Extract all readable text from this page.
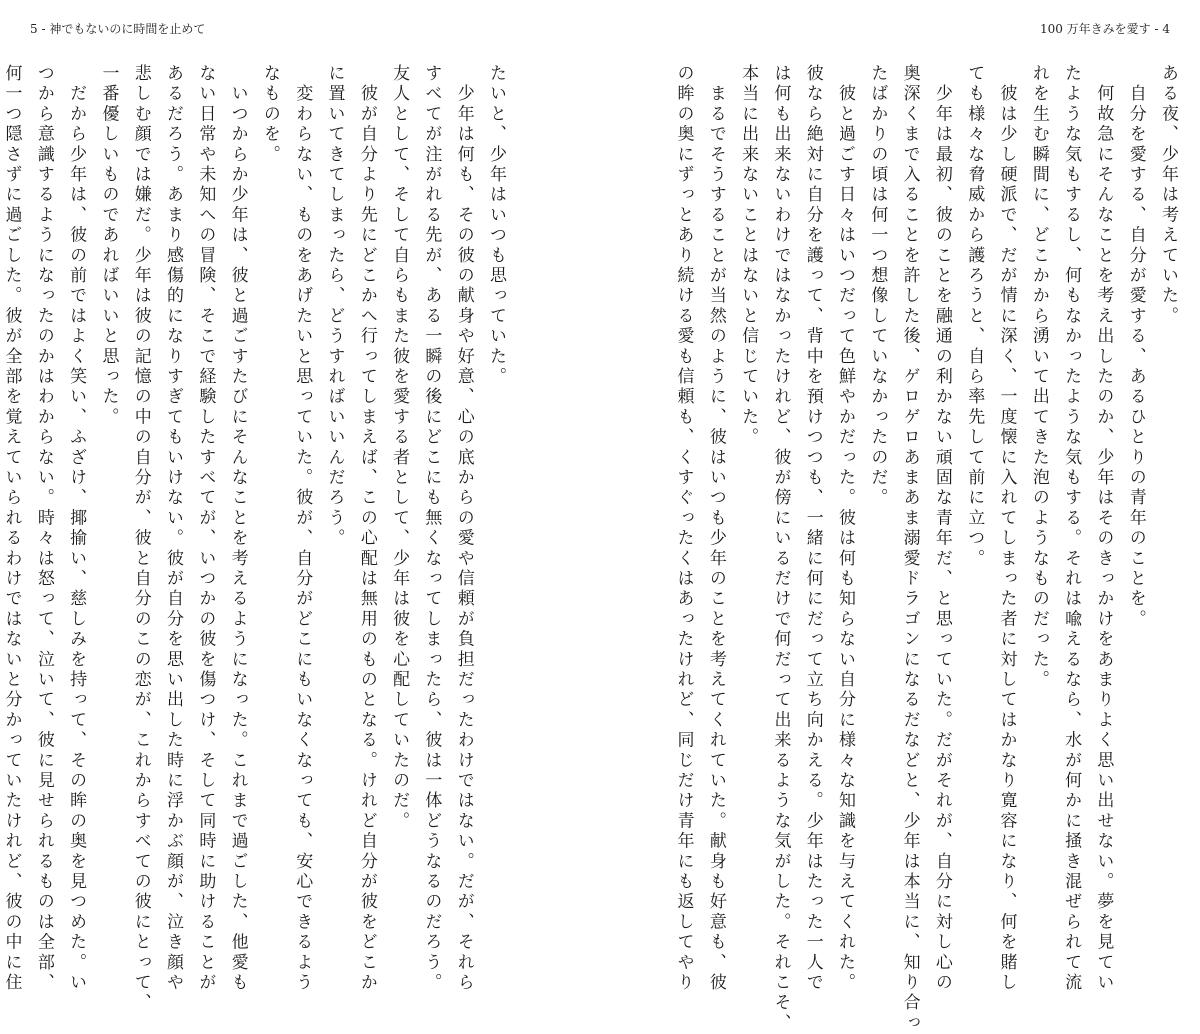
5 - 神でもないのに時間を止めて	100 万年きみを愛す - 4

ある夜、少年は考えていた。

　自分を愛する、自分が愛する、あるひとりの青年のことを。

　何故急にそんなことを考え出したのか、少年はそのきっかけをあまりよく思い出せない。夢を見てい

たような気もするし、何もなかったような気もする。それは喩えるなら、水が何かに掻き混ぜられて流

れを生む瞬間に、どこかから湧いて出てきた泡のようなものだった。

　彼は少し硬派で、だが情に深く、一度懐に入れてしまった者に対してはかなり寛容になり、何を賭し

ても様々な脅威から護ろうと、自ら率先して前に立つ。

　少年は最初、彼のことを融通の利かない頑固な青年だ、と思っていた。だがそれが、自分に対し心の

奥深くまで入ることを許した後、ゲロゲロあまあま溺愛ドラゴンになるだなどと、少年は本当に、知り合っ

たばかりの頃は何一つ想像していなかったのだ。

　彼と過ごす日々はいつだって色鮮やかだった。彼は何も知らない自分に様々な知識を与えてくれた。

彼なら絶対に自分を護って、背中を預けつつも、一緒に何にだって立ち向かえる。少年はたった一人で

は何も出来ないわけではなかったけれど、彼が傍にいるだけで何だって出来るような気がした。それこそ、

本当に出来ないことはないと信じていた。

　まるでそうすることが当然のように、彼はいつも少年のことを考えてくれていた。献身も好意も、彼

の眸の奥にずっとあり続ける愛も信頼も、くすぐったくはあったけれど、同じだけ青年にも返してやり

たいと、少年はいつも思っていた。

　少年は何も、その彼の献身や好意、心の底からの愛や信頼が負担だったわけではない。だが、それら

すべてが注がれる先が、ある一瞬の後にどこにも無くなってしまったら、彼は一体どうなるのだろう。

友人として、そして自らもまた彼を愛する者として、少年は彼を心配していたのだ。

　彼が自分より先にどこかへ行ってしまえば、この心配は無用のものとなる。けれど自分が彼をどこか

に置いてきてしまったら、どうすればいいんだろう。

　変わらない、ものをあげたいと思っていた。彼が、自分がどこにもいなくなっても、安心できるよう

なものを。

　いつからか少年は、彼と過ごすたびにそんなことを考えるようになった。これまで過ごした、他愛も

ない日常や未知への冒険、そこで経験したすべてが、いつかの彼を傷つけ、そして同時に助けることが

あるだろう。あまり感傷的になりすぎてもいけない。彼が自分を思い出した時に浮かぶ顔が、泣き顔や

悲しむ顔では嫌だ。少年は彼の記憶の中の自分が、彼と自分のこの恋が、これからすべての彼にとって、

一番優しいものであればいいと思った。

　だから少年は、彼の前ではよく笑い、ふざけ、揶揄い、慈しみを持って、その眸の奥を見つめた。い

つから意識するようになったのかはわからない。時々は怒って、泣いて、彼に見せられるものは全部、

何一つ隠さずに過ごした。彼が全部を覚えていられるわけではないと分かっていたけれど、彼の中に住
